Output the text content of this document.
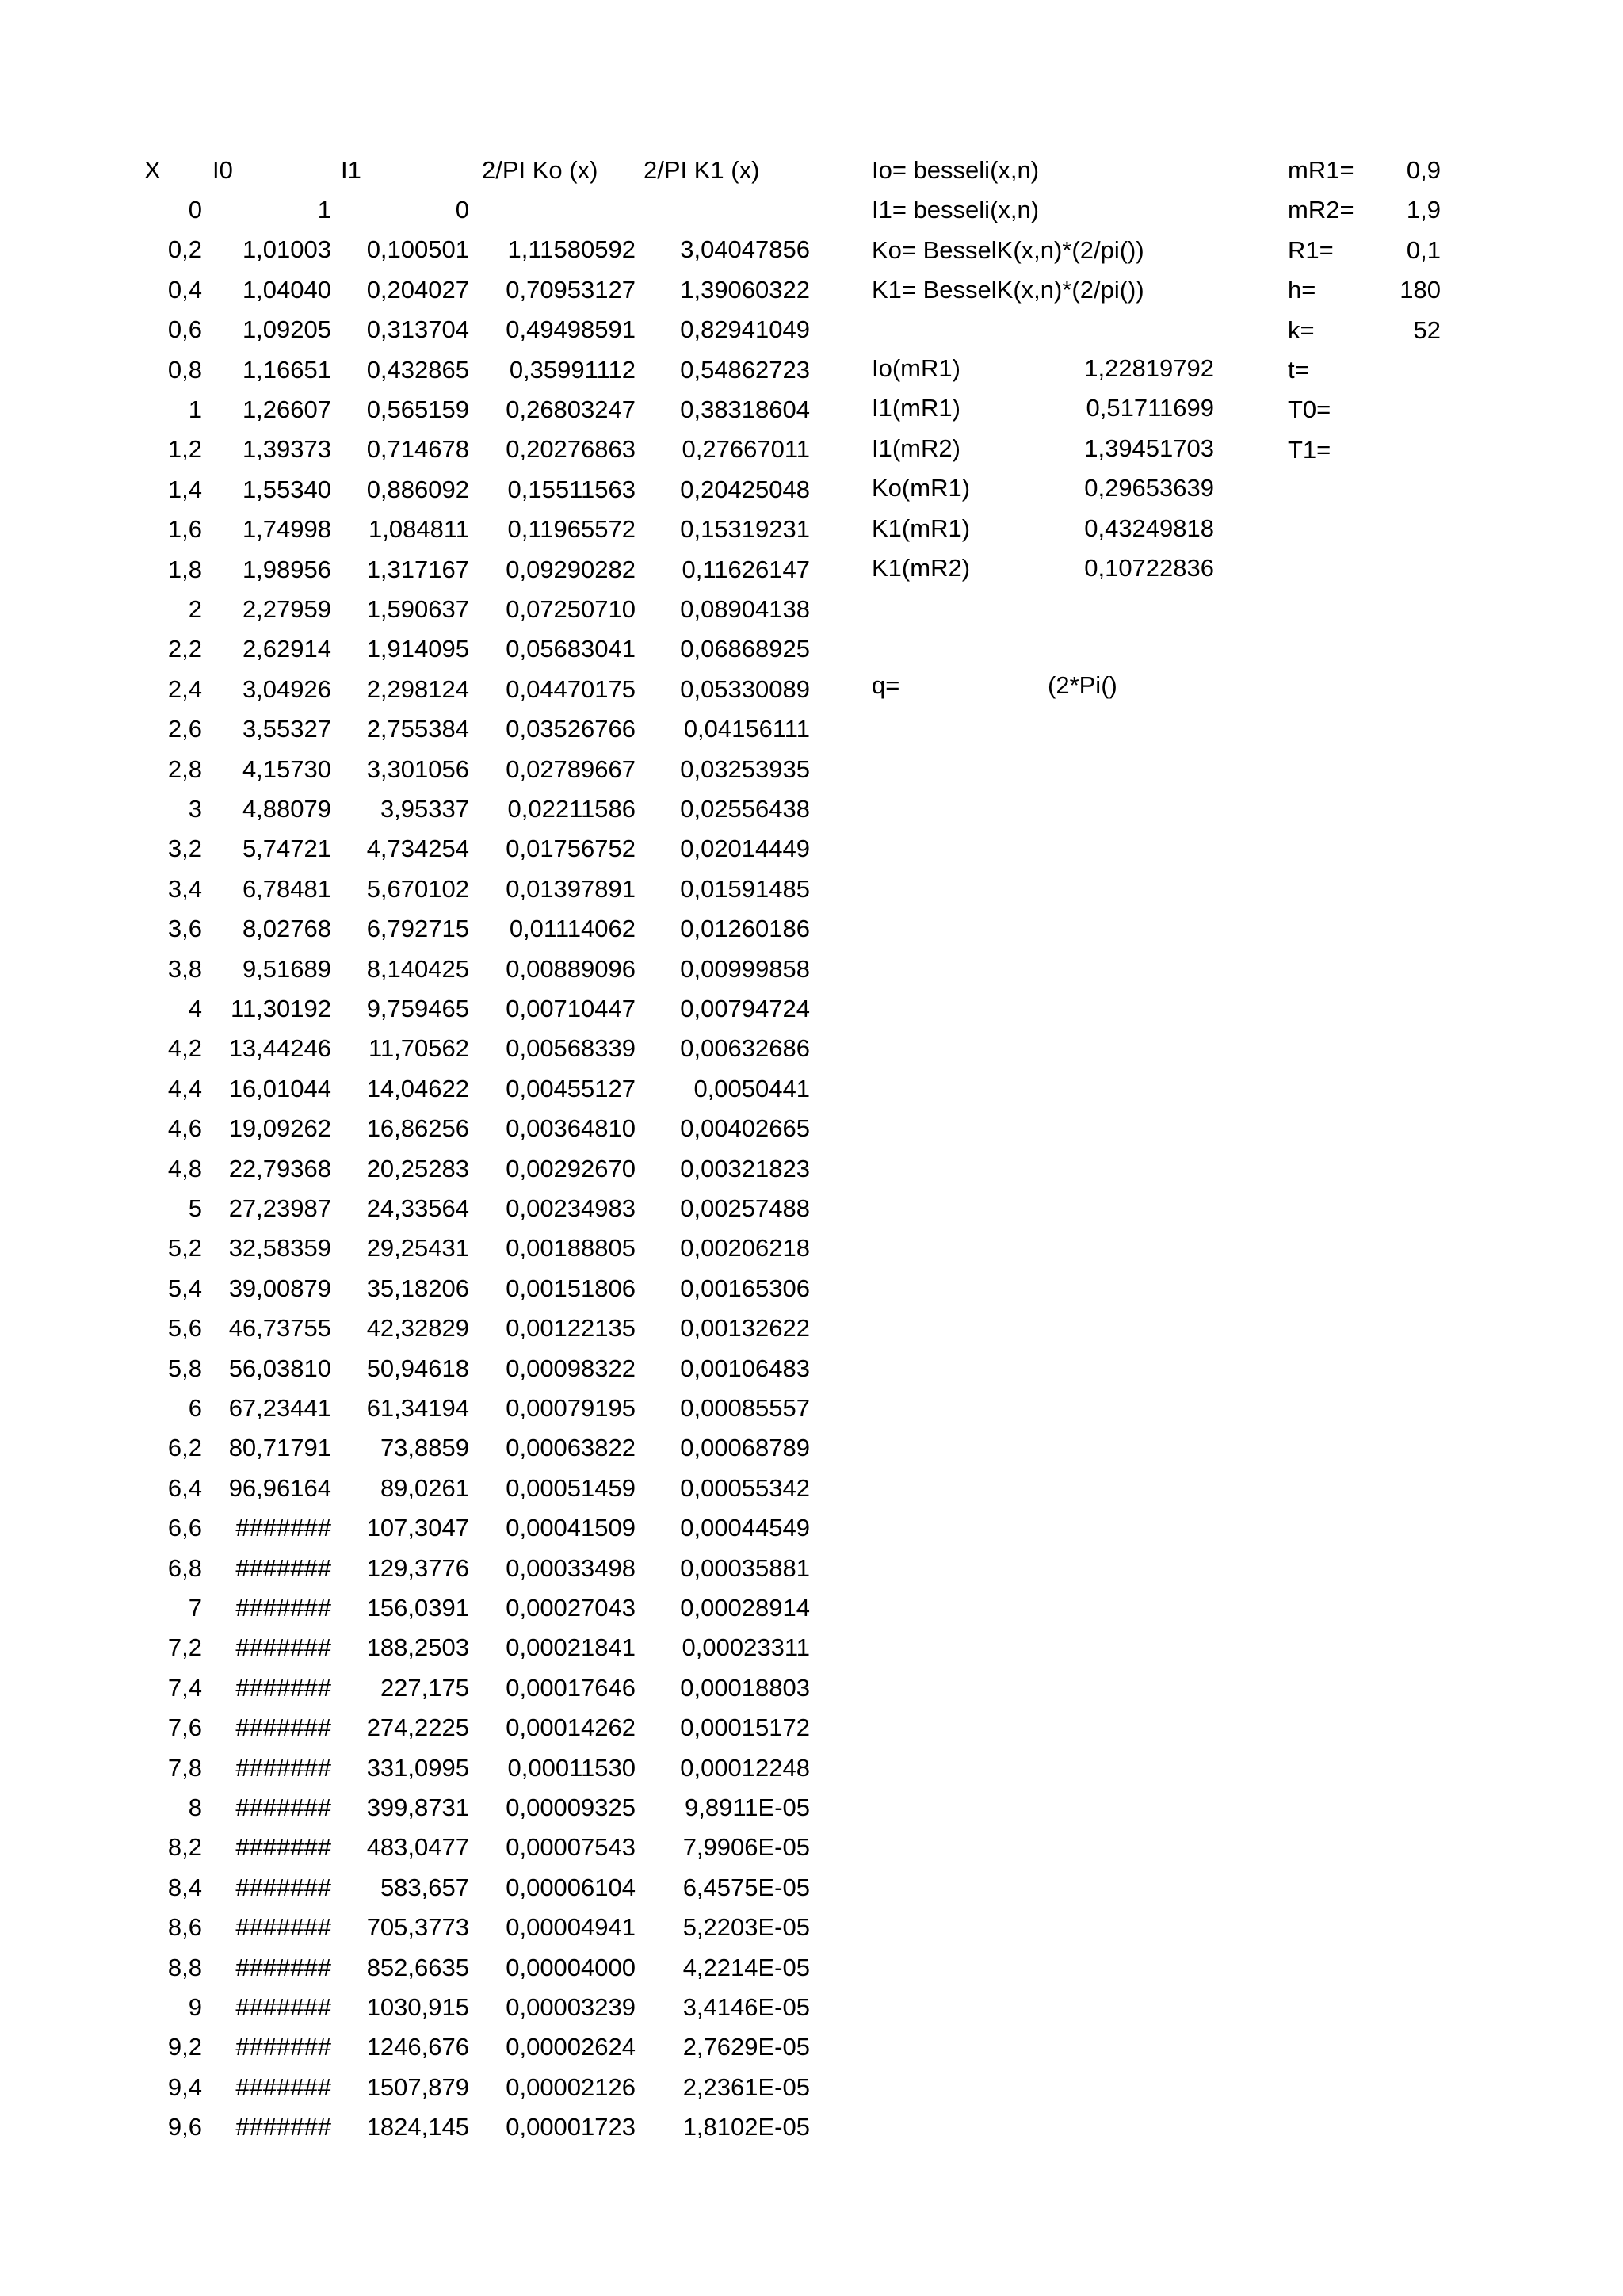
X I0	I1	2/PI Ko (x) 2/PI K1 (x)
0	1	0
0,2	1,01003	0,100501	1,11580592	3,04047856
0,4	1,04040	0,204027	0,70953127	1,39060322
0,6	1,09205	0,313704	0,49498591	0,82941049
0,8	1,16651	0,432865	0,35991112	0,54862723
1	1,26607	0,565159	0,26803247	0,38318604
1,2	1,39373	0,714678	0,20276863	0,27667011
1,4	1,55340	0,886092	0,15511563	0,20425048
1,6	1,74998	1,084811	0,11965572	0,15319231
1,8	1,98956	1,317167	0,09290282	0,11626147
2	2,27959	1,590637	0,07250710	0,08904138
2,2	2,62914	1,914095	0,05683041	0,06868925
2,4	3,04926	2,298124	0,04470175	0,05330089
2,6	3,55327	2,755384	0,03526766	0,04156111
2,8	4,15730	3,301056	0,02789667	0,03253935
3	4,88079	3,95337	0,02211586	0,02556438
3,2	5,74721	4,734254	0,01756752	0,02014449
3,4	6,78481	5,670102	0,01397891	0,01591485
3,6	8,02768	6,792715	0,01114062	0,01260186
3,8	9,51689	8,140425	0,00889096	0,00999858
4	11,30192	9,759465	0,00710447	0,00794724
4,2	13,44246	11,70562	0,00568339	0,00632686
4,4	16,01044	14,04622	0,00455127	0,0050441
4,6	19,09262	16,86256	0,00364810	0,00402665
4,8	22,79368	20,25283	0,00292670	0,00321823
5	27,23987	24,33564	0,00234983	0,00257488
5,2	32,58359	29,25431	0,00188805	0,00206218
5,4	39,00879	35,18206	0,00151806	0,00165306
5,6	46,73755	42,32829	0,00122135	0,00132622
5,8	56,03810	50,94618	0,00098322	0,00106483
6	67,23441	61,34194	0,00079195	0,00085557
6,2	80,71791	73,8859	0,00063822	0,00068789
6,4	96,96164	89,0261	0,00051459	0,00055342
6,6	#######	107,3047	0,00041509	0,00044549
6,8	#######	129,3776	0,00033498	0,00035881
7	#######	156,0391	0,00027043	0,00028914
7,2	#######	188,2503	0,00021841	0,00023311
7,4	#######	227,175	0,00017646	0,00018803
7,6	#######	274,2225	0,00014262	0,00015172
7,8	#######	331,0995	0,00011530	0,00012248
8	#######	399,8731	0,00009325	9,8911E-05
8,2	#######	483,0477	0,00007543	7,9906E-05
8,4	#######	583,657	0,00006104	6,4575E-05
8,6	#######	705,3773	0,00004941	5,2203E-05
8,8	#######	852,6635	0,00004000	4,2214E-05
9	#######	1030,915	0,00003239	3,4146E-05
9,2	#######	1246,676	0,00002624	2,7629E-05
9,4	#######	1507,879	0,00002126	2,2361E-05
9,6	#######	1824,145	0,00001723	1,8102E-05
Io= besseli(x,n)
I1= besseli(x,n)
Ko= BesselK(x,n)*(2/pi())
K1= BesselK(x,n)*(2/pi())
Io(mR1)	1,22819792
I1(mR1)	0,51711699
I1(mR2)	1,39451703
Ko(mR1)	0,29653639
K1(mR1)	0,43249818
K1(mR2)	0,10722836
q=	(2*Pi()
mR1=	0,9
mR2=	1,9
R1=	0,1
h=	180
k=	52
t=
T0=
T1=
